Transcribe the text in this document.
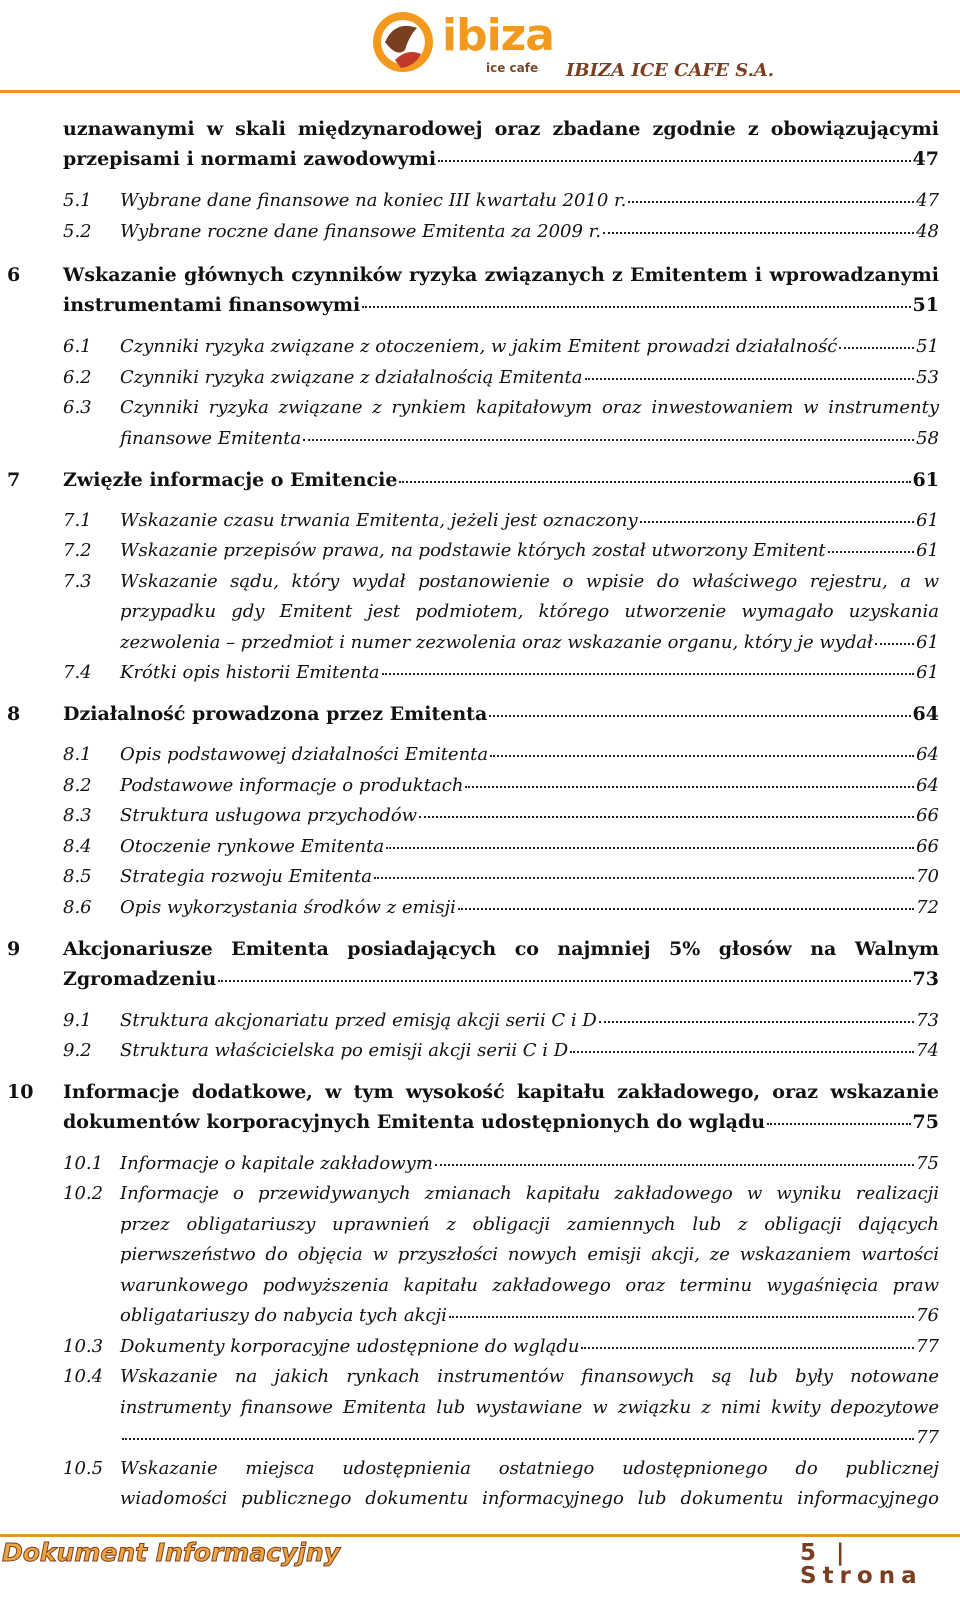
ibiza
ice cafe IBIZA ICE CAFE S.A.
uznawanymi w skali międzynarodowej oraz zbadane zgodnie z obowiązującymi
przepisami i normami zawodowymi	47
5.1 Wybrane dane finansowe na koniec III kwartału 2010 r.	47
5.2 Wybrane roczne dane finansowe Emitenta za 2009 r.	48
6 Wskazanie głównych czynników ryzyka związanych z Emitentem i wprowadzanymi
instrumentami finansowymi	51
6.1 Czynniki ryzyka związane z otoczeniem, w jakim Emitent prowadzi działalność	51
6.2 Czynniki ryzyka związane z działalnością Emitenta	53
6.3 Czynniki ryzyka związane z rynkiem kapitałowym oraz inwestowaniem w instrumenty
finansowe Emitenta	58
7 Zwięzłe informacje o Emitencie	61
7.1 Wskazanie czasu trwania Emitenta, jeżeli jest oznaczony	61
7.2 Wskazanie przepisów prawa, na podstawie których został utworzony Emitent	61
7.3 Wskazanie sądu, który wydał postanowienie o wpisie do właściwego rejestru, a w
przypadku gdy Emitent jest podmiotem, którego utworzenie wymagało uzyskania
zezwolenia – przedmiot i numer zezwolenia oraz wskazanie organu, który je wydał 61
7.4 Krótki opis historii Emitenta	61
8 Działalność prowadzona przez Emitenta	64
8.1 Opis podstawowej działalności Emitenta	64
8.2 Podstawowe informacje o produktach	64
8.3 Struktura usługowa przychodów	66
8.4 Otoczenie rynkowe Emitenta	66
8.5 Strategia rozwoju Emitenta	70
8.6 Opis wykorzystania środków z emisji	72
9 Akcjonariusze Emitenta posiadających co najmniej 5% głosów na Walnym
Zgromadzeniu	73
9.1 Struktura akcjonariatu przed emisją akcji serii C i D	73
9.2 Struktura właścicielska po emisji akcji serii C i D	74
10 Informacje dodatkowe, w tym wysokość kapitału zakładowego, oraz wskazanie
dokumentów korporacyjnych Emitenta udostępnionych do wglądu	75
10.1 Informacje o kapitale zakładowym	75
10.2 Informacje o przewidywanych zmianach kapitału zakładowego w wyniku realizacji
przez obligatariuszy uprawnień z obligacji zamiennych lub z obligacji dających
pierwszeństwo do objęcia w przyszłości nowych emisji akcji, ze wskazaniem wartości
warunkowego podwyższenia kapitału zakładowego oraz terminu wygaśnięcia praw
obligatariuszy do nabycia tych akcji	76
10.3 Dokumenty korporacyjne udostępnione do wglądu	77
10.4 Wskazanie na jakich rynkach instrumentów finansowych są lub były notowane
instrumenty finansowe Emitenta lub wystawiane w związku z nimi kwity depozytowe
77
10.5 Wskazanie miejsca udostępnienia ostatniego udostępnionego do publicznej
wiadomości publicznego dokumentu informacyjnego lub dokumentu informacyjnego
Dokument Informacyjny	5 | Strona
